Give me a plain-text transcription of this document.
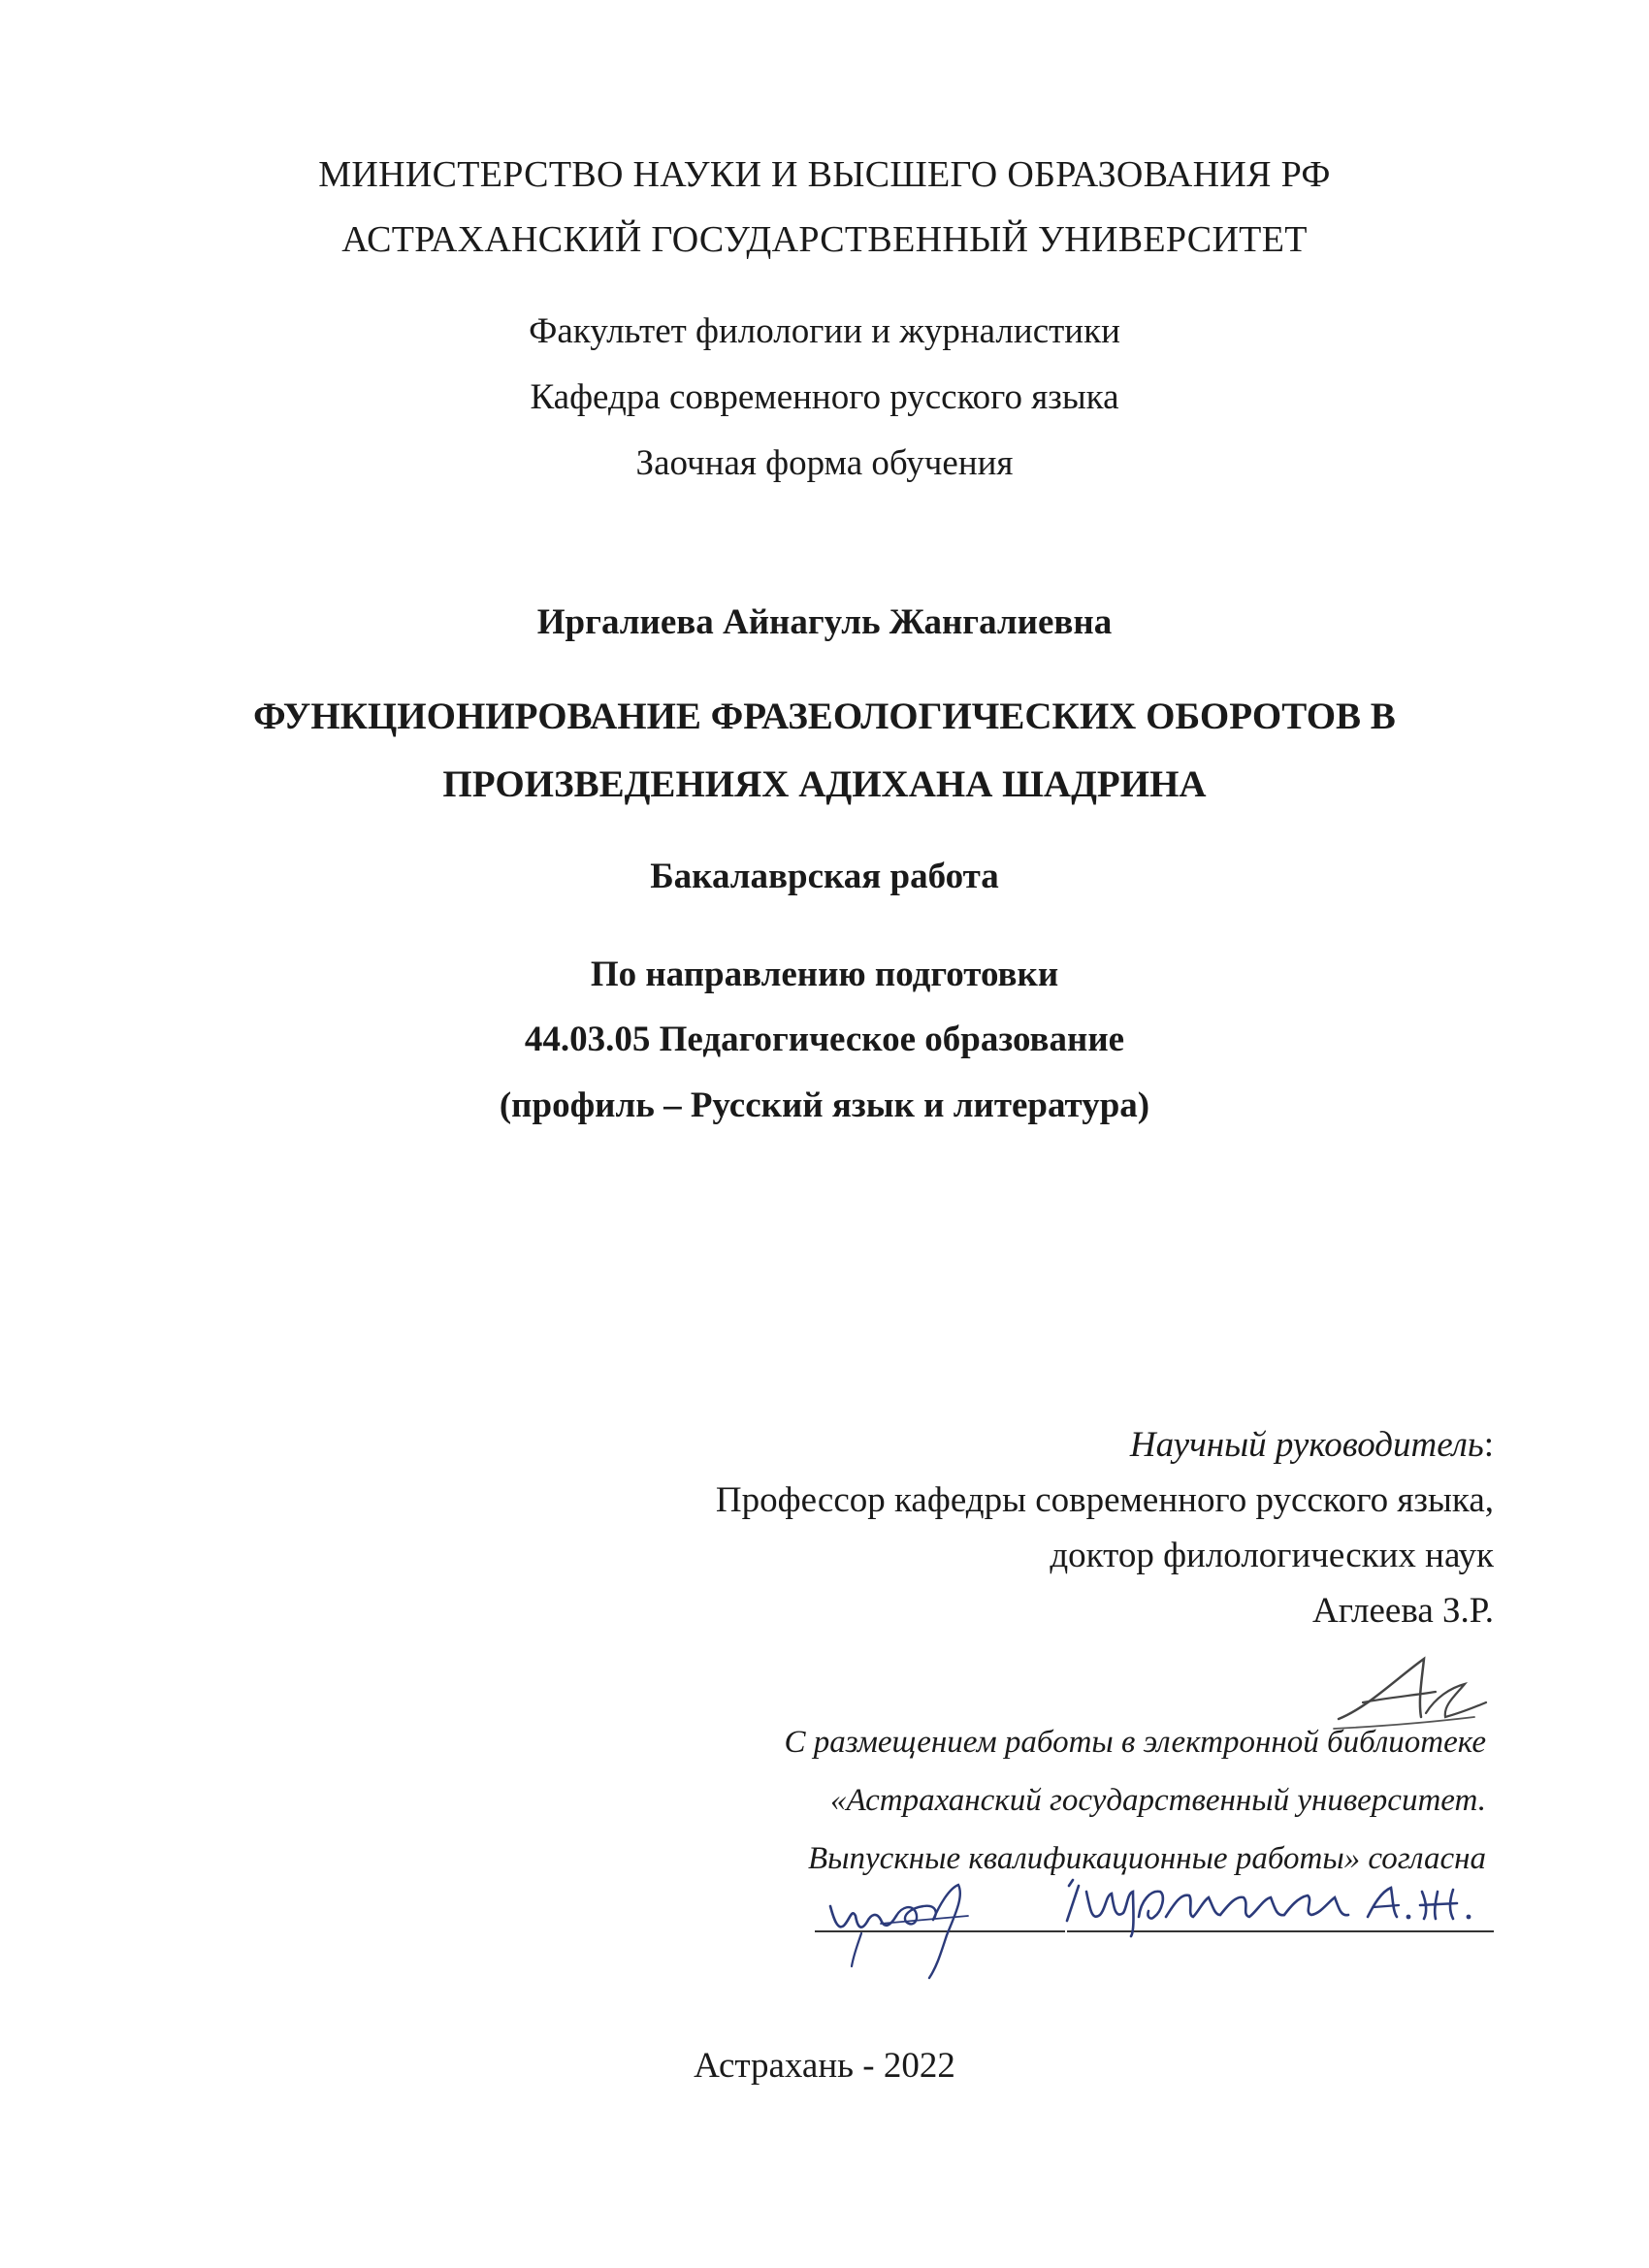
МИНИСТЕРСТВО НАУКИ И ВЫСШЕГО ОБРАЗОВАНИЯ РФ
АСТРАХАНСКИЙ ГОСУДАРСТВЕННЫЙ УНИВЕРСИТЕТ
Факультет филологии и журналистики
Кафедра современного русского языка
Заочная форма обучения
Иргалиева Айнагуль Жангалиевна
ФУНКЦИОНИРОВАНИЕ ФРАЗЕОЛОГИЧЕСКИХ ОБОРОТОВ В
ПРОИЗВЕДЕНИЯХ АДИХАНА ШАДРИНА
Бакалаврская работа
По направлению подготовки
44.03.05 Педагогическое образование
(профиль – Русский язык и литература)
Научный руководитель:
Профессор кафедры современного русского языка,
доктор филологических наук
Аглеева З.Р.
С размещением работы в электронной библиотеке
«Астраханский государственный университет.
Выпускные квалификационные работы» согласна
Астрахань - 2022
